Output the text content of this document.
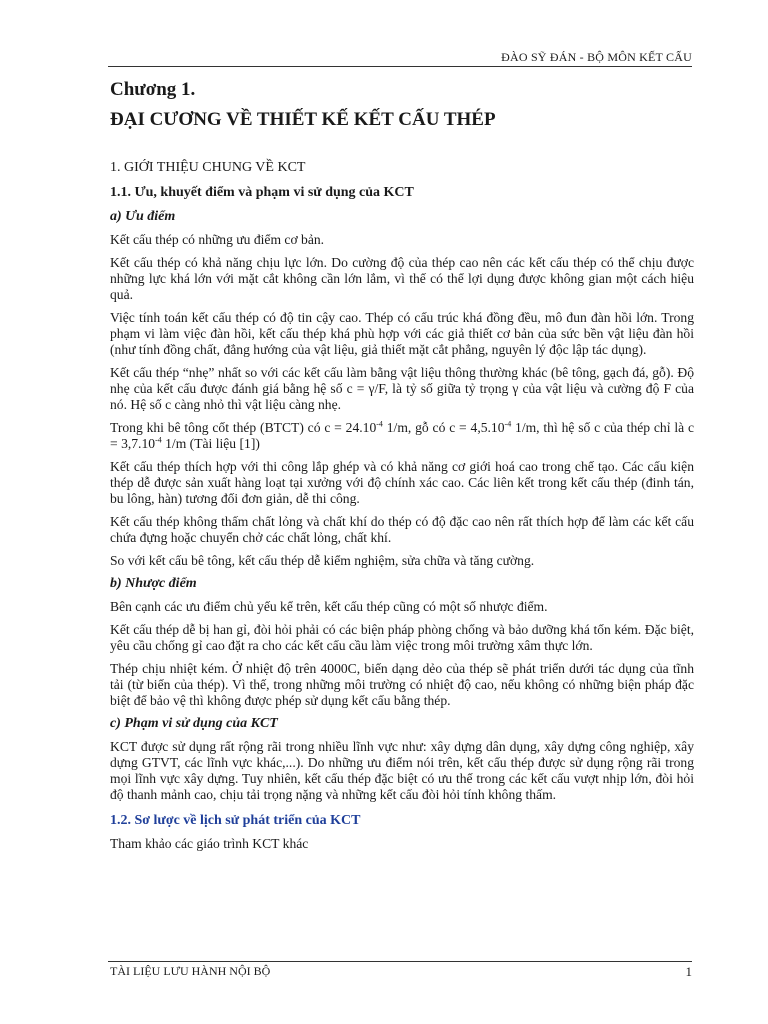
ĐÀO SỸ ĐÁN - BỘ MÔN KẾT CẤU
Chương 1.
ĐẠI CƯƠNG VỀ THIẾT KẾ KẾT CẤU THÉP
1. GIỚI THIỆU CHUNG VỀ KCT
1.1. Ưu, khuyết điểm và phạm vi sử dụng của KCT
a) Ưu điểm

Kết cấu thép có những ưu điểm cơ bản.

Kết cấu thép có khả năng chịu lực lớn. Do cường độ của thép cao nên các kết cấu thép có thể chịu được những lực khá lớn với mặt cắt không cần lớn lắm, vì thế có thể lợi dụng được không gian một cách hiệu quả.

Việc tính toán kết cấu thép có độ tin cậy cao. Thép có cấu trúc khá đồng đều, mô đun đàn hồi lớn. Trong phạm vi làm việc đàn hồi, kết cấu thép khá phù hợp với các giả thiết cơ bản của sức bền vật liệu đàn hồi (như tính đồng chất, đẳng hướng của vật liệu, giả thiết mặt cắt phẳng, nguyên lý độc lập tác dụng).

Kết cấu thép “nhẹ” nhất so với các kết cấu làm bằng vật liệu thông thường khác (bê tông, gạch đá, gỗ). Độ nhẹ của kết cấu được đánh giá bằng hệ số c = γ/F, là tỷ số giữa tỷ trọng γ của vật liệu và cường độ F của nó. Hệ số c càng nhỏ thì vật liệu càng nhẹ.

Trong khi bê tông cốt thép (BTCT) có $c = 24.10^{-4}$ 1/m, gỗ có $c = 4,5.10^{-4}$ 1/m, thì hệ số c của thép chỉ là $c = 3,7.10^{-4}$ 1/m (Tài liệu [1])

Kết cấu thép thích hợp với thi công lắp ghép và có khả năng cơ giới hoá cao trong chế tạo. Các cấu kiện thép dễ được sản xuất hàng loạt tại xưởng với độ chính xác cao. Các liên kết trong kết cấu thép (đinh tán, bu lông, hàn) tương đối đơn giản, dễ thi công.

Kết cấu thép không thấm chất lỏng và chất khí do thép có độ đặc cao nên rất thích hợp để làm các kết cấu chứa đựng hoặc chuyển chở các chất lỏng, chất khí.

So với kết cấu bê tông, kết cấu thép dễ kiểm nghiệm, sửa chữa và tăng cường.

b) Nhược điểm

Bên cạnh các ưu điểm chủ yếu kể trên, kết cấu thép cũng có một số nhược điểm.

Kết cấu thép dễ bị han gỉ, đòi hỏi phải có các biện pháp phòng chống và bảo dưỡng khá tốn kém. Đặc biệt, yêu cầu chống gỉ cao đặt ra cho các kết cấu cầu làm việc trong môi trường xâm thực lớn.

Thép chịu nhiệt kém. Ở nhiệt độ trên 4000C, biến dạng dẻo của thép sẽ phát triển dưới tác dụng của tĩnh tải (từ biến của thép). Vì thế, trong những môi trường có nhiệt độ cao, nếu không có những biện pháp đặc biệt để bảo vệ thì không được phép sử dụng kết cấu bằng thép.

c) Phạm vi sử dụng của KCT

KCT được sử dụng rất rộng rãi trong nhiều lĩnh vực như: xây dựng dân dụng, xây dựng công nghiệp, xây dựng GTVT, các lĩnh vực khác,...). Do những ưu điểm nói trên, kết cấu thép được sử dụng rộng rãi trong mọi lĩnh vực xây dựng. Tuy nhiên, kết cấu thép đặc biệt có ưu thế trong các kết cấu vượt nhịp lớn, đòi hỏi độ thanh mảnh cao, chịu tải trọng nặng và những kết cấu đòi hỏi tính không thấm.

1.2. Sơ lược về lịch sử phát triển của KCT

Tham khảo các giáo trình KCT khác

TÀI LIỆU LƯU HÀNH NỘI BỘ	1
